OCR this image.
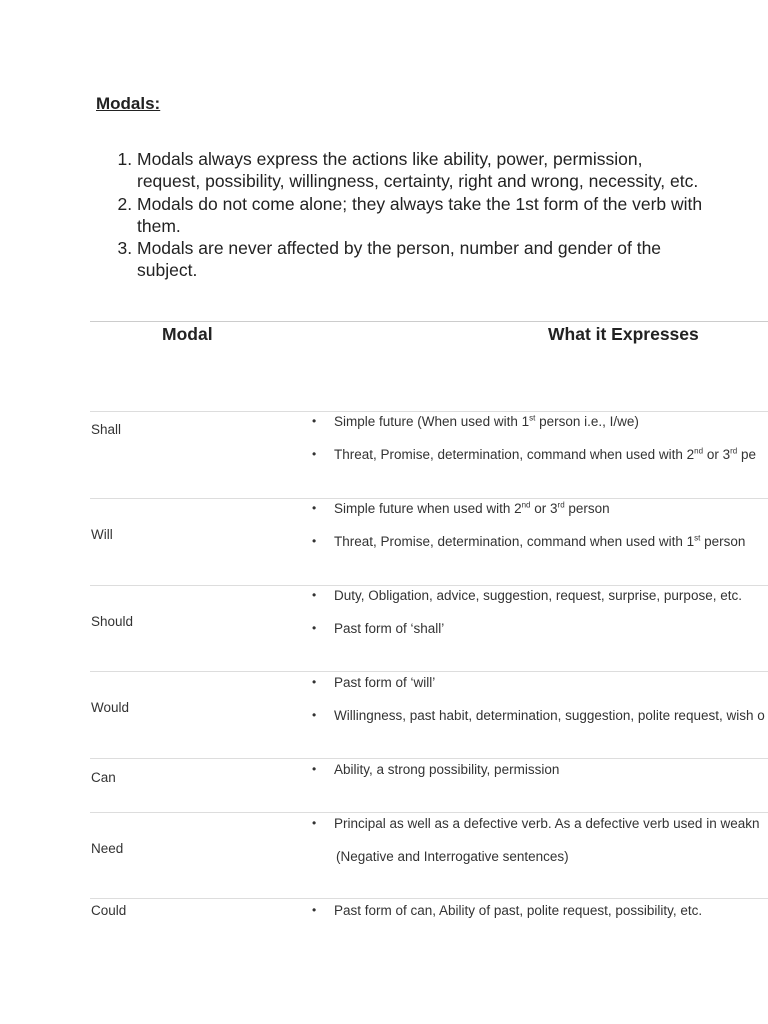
Modals:
1. Modals always express the actions like ability, power, permission, request, possibility, willingness, certainty, right and wrong, necessity, etc.
2. Modals do not come alone; they always take the 1st form of the verb with them.
3. Modals are never affected by the person, number and gender of the subject.
Modal	What it Expresses

Shall

• Simple future (When used with 1st person i.e., I/we)
• Threat, Promise, determination, command when used with 2nd or 3rd pe

Will

• Simple future when used with 2nd or 3rd person
• Threat, Promise, determination, command when used with 1st person

Should

• Duty, Obligation, advice, suggestion, request, surprise, purpose, etc.
• Past form of ‘shall’

Would

• Past form of ‘will’
• Willingness, past habit, determination, suggestion, polite request, wish o

Can

• Ability, a strong possibility, permission

Need

• Principal as well as a defective verb. As a defective verb used in weakn
(Negative and Interrogative sentences)

Could	• Past form of can, Ability of past, polite request, possibility, etc.
